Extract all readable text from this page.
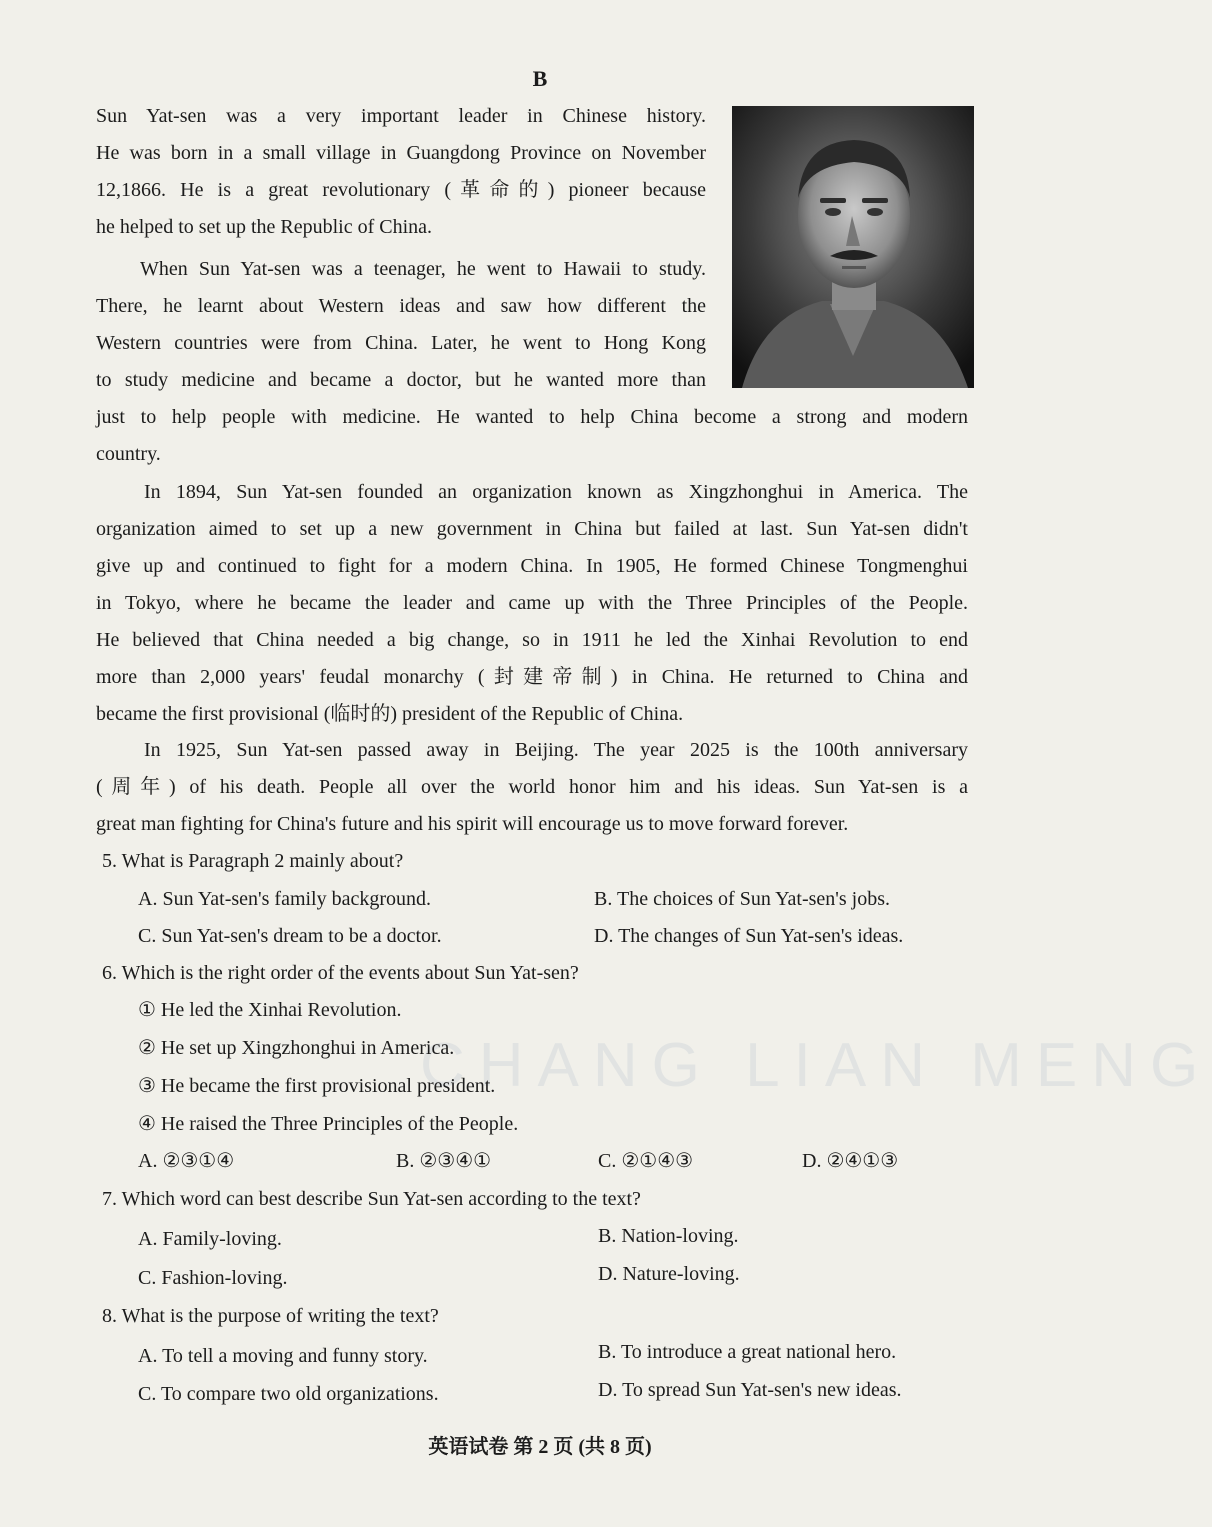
CHANG LIAN MENG
B
Sun Yat-sen was a very important leader in Chinese history.
He was born in a small village in Guangdong Province on November
12,1866. He is a great revolutionary (革命的) pioneer because
he helped to set up the Republic of China.
When Sun Yat-sen was a teenager, he went to Hawaii to study.
There, he learnt about Western ideas and saw how different the
Western countries were from China. Later, he went to Hong Kong
to study medicine and became a doctor, but he wanted more than
just to help people with medicine. He wanted to help China become a strong and modern
country.
In 1894, Sun Yat-sen founded an organization known as Xingzhonghui in America. The
organization aimed to set up a new government in China but failed at last. Sun Yat-sen didn't
give up and continued to fight for a modern China. In 1905, He formed Chinese Tongmenghui
in Tokyo, where he became the leader and came up with the Three Principles of the People.
He believed that China needed a big change, so in 1911 he led the Xinhai Revolution to end
more than 2,000 years' feudal monarchy (封建帝制) in China. He returned to China and
became the first provisional (临时的) president of the Republic of China.
In 1925, Sun Yat-sen passed away in Beijing. The year 2025 is the 100th anniversary
(周年) of his death. People all over the world honor him and his ideas. Sun Yat-sen is a
great man fighting for China's future and his spirit will encourage us to move forward forever.
5. What is Paragraph 2 mainly about?
A. Sun Yat-sen's family background.	B. The choices of Sun Yat-sen's jobs.
C. Sun Yat-sen's dream to be a doctor.	D. The changes of Sun Yat-sen's ideas.
6. Which is the right order of the events about Sun Yat-sen?
① He led the Xinhai Revolution.
② He set up Xingzhonghui in America.
③ He became the first provisional president.
④ He raised the Three Principles of the People.
A. ②③①④	B. ②③④①	C. ②①④③	D. ②④①③
7. Which word can best describe Sun Yat-sen according to the text?
A. Family-loving.	B. Nation-loving.
C. Fashion-loving.	D. Nature-loving.
8. What is the purpose of writing the text?
A. To tell a moving and funny story.	B. To introduce a great national hero.
C. To compare two old organizations.	D. To spread Sun Yat-sen's new ideas.
英语试卷 第 2 页 (共 8 页)
